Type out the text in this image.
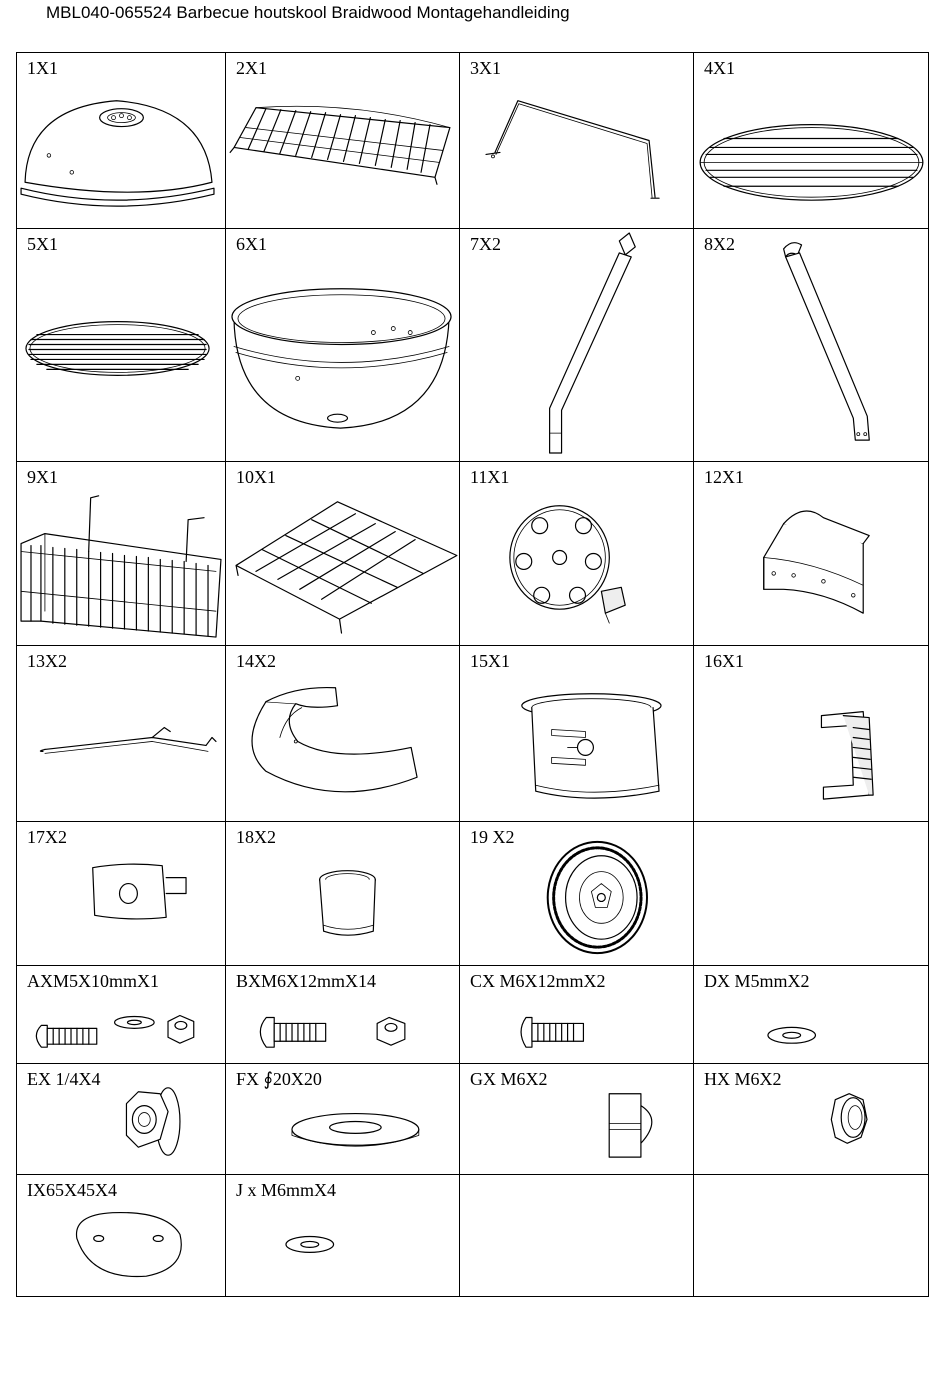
MBL040-065524 Barbecue houtskool Braidwood Montagehandleiding
1X1	2X1	3X1	4X1

5X1	6X1	7X2	8X2

9X1	10X1	11X1	12X1

13X2	14X2	15X1	16X1

17X2	18X2	19 X2	

AXM5X10mmX1	BXM6X12mmX14	CX M6X12mmX2	DX M5mmX2

EX 1/4X4	FX ∮20X20	GX M6X2	HX M6X2

IX65X45X4	J x M6mmX4		
